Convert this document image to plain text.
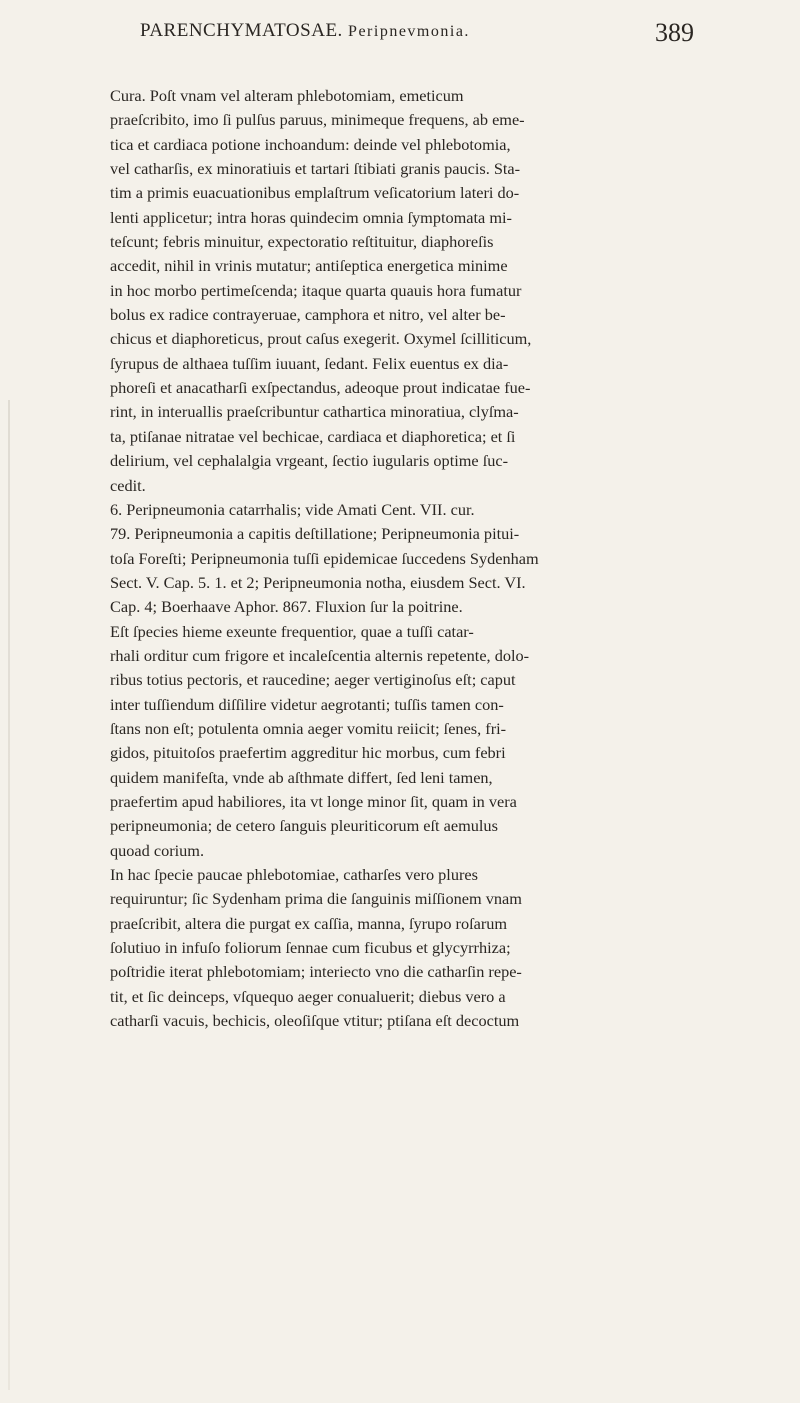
PARENCHYMATOSAE. Peripnevmonia.	389

Cura. Poſt vnam vel alteram phlebotomiam, emeticum
praeſcribito, imo ſi pulſus paruus, minimeque frequens, ab eme-
tica et cardiaca potione inchoandum: deinde vel phlebotomia,
vel catharſis, ex minoratiuis et tartari ſtibiati granis paucis. Sta-
tim a primis euacuationibus emplaſtrum veſicatorium lateri do-
lenti applicetur; intra horas quindecim omnia ſymptomata mi-
teſcunt; febris minuitur, expectoratio reſtituitur, diaphoreſis
accedit, nihil in vrinis mutatur; antiſeptica energetica minime
in hoc morbo pertimeſcenda; itaque quarta quauis hora fumatur
bolus ex radice contrayeruae, camphora et nitro, vel alter be-
chicus et diaphoreticus, prout caſus exegerit. Oxymel ſcilliticum,
ſyrupus de althaea tuſſim iuuant, ſedant. Felix euentus ex dia-
phoreſi et anacatharſi exſpectandus, adeoque prout indicatae fue-
rint, in interuallis praeſcribuntur cathartica minoratiua, clyſma-
ta, ptiſanae nitratae vel bechicae, cardiaca et diaphoretica; et ſi
delirium, vel cephalalgia vrgeant, ſectio iugularis optime ſuc-
cedit.

6. Peripneumonia catarrhalis; vide Amati Cent. VII. cur.
79. Peripneumonia a capitis deſtillatione; Peripneumonia pitui-
toſa Foreſti; Peripneumonia tuſſi epidemicae ſuccedens Sydenham
Sect. V. Cap. 5. 1. et 2; Peripneumonia notha, eiusdem Sect. VI.
Cap. 4; Boerhaave Aphor. 867. Fluxion ſur la poitrine.

Eſt ſpecies hieme exeunte frequentior, quae a tuſſi catar-
rhali orditur cum frigore et incaleſcentia alternis repetente, dolo-
ribus totius pectoris, et raucedine; aeger vertiginoſus eſt; caput
inter tuſſiendum diſſilire videtur aegrotanti; tuſſis tamen con-
ſtans non eſt; potulenta omnia aeger vomitu reiicit; ſenes, fri-
gidos, pituitoſos praefertim aggreditur hic morbus, cum febri
quidem manifeſta, vnde ab aſthmate differt, ſed leni tamen,
praefertim apud habiliores, ita vt longe minor ſit, quam in vera
peripneumonia; de cetero ſanguis pleuriticorum eſt aemulus
quoad corium.

In hac ſpecie paucae phlebotomiae, catharſes vero plures
requiruntur; ſic Sydenham prima die ſanguinis miſſionem vnam
praeſcribit, altera die purgat ex caſſia, manna, ſyrupo roſarum
ſolutiuo in infuſo foliorum ſennae cum ficubus et glycyrrhiza;
poſtridie iterat phlebotomiam; interiecto vno die catharſin repe-
tit, et ſic deinceps, vſquequo aeger conualuerit; diebus vero a
catharſi vacuis, bechicis, oleoſiſque vtitur; ptiſana eſt decoctum
